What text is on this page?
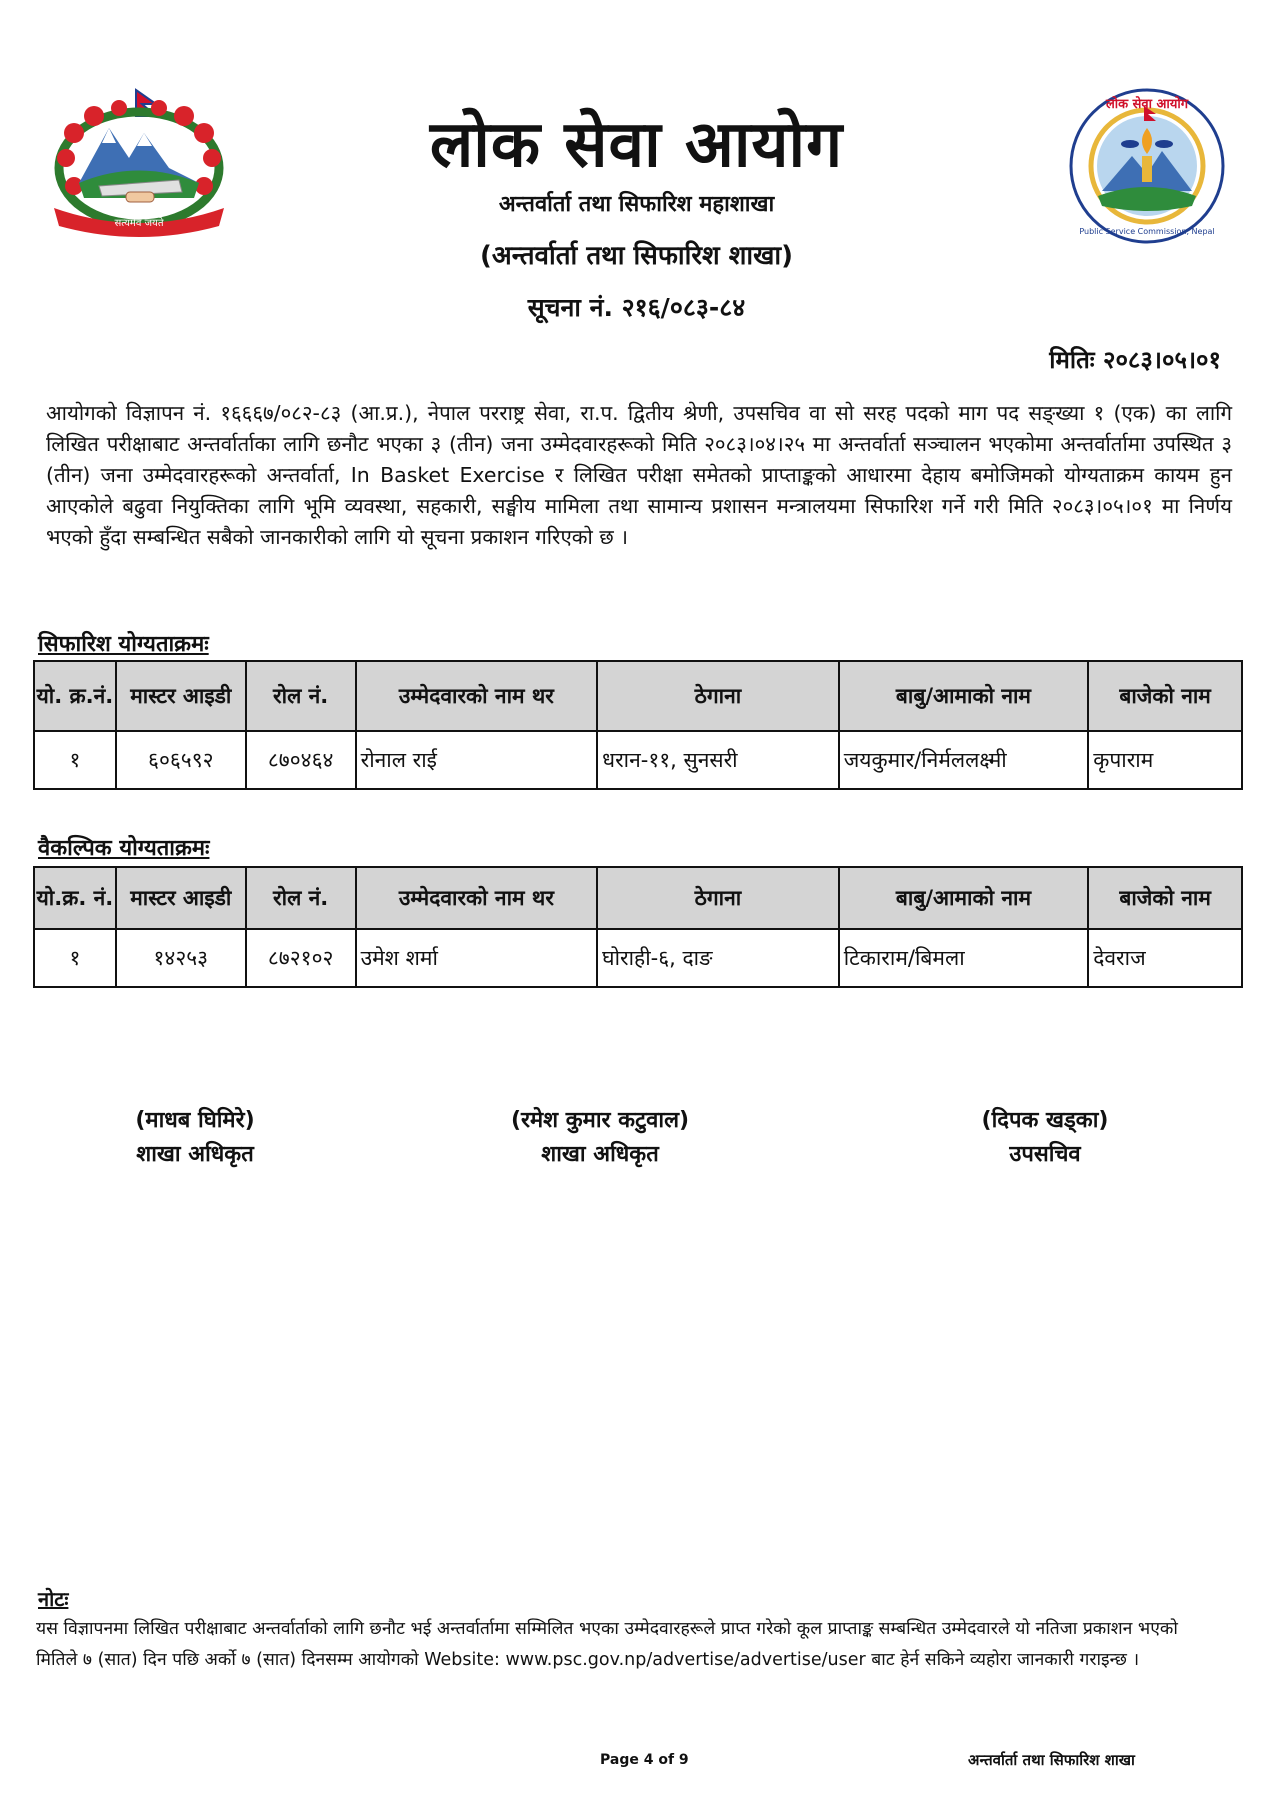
सत्यमेव जयते
लोक सेवा आयोग
Public Service Commission, Nepal
लोक सेवा आयोग
अन्तर्वार्ता तथा सिफारिश महाशाखा
(अन्तर्वार्ता तथा सिफारिश शाखा)
सूचना नं. २१६/०८३-८४
मितिः २०८३।०५।०१
आयोगको विज्ञापन नं. १६६६७/०८२-८३ (आ.प्र.), नेपाल परराष्ट्र सेवा, रा.प. द्वितीय श्रेणी, उपसचिव वा सो सरह पदको माग पद सङ्ख्या १ (एक) का लागि लिखित परीक्षाबाट अन्तर्वार्ताका लागि छनौट भएका ३ (तीन) जना उम्मेदवारहरूको मिति २०८३।०४।२५ मा अन्तर्वार्ता सञ्चालन भएकोमा अन्तर्वार्तामा उपस्थित ३ (तीन) जना उम्मेदवारहरूको अन्तर्वार्ता, In Basket Exercise र लिखित परीक्षा समेतको प्राप्ताङ्कको आधारमा देहाय बमोजिमको योग्यताक्रम कायम हुन आएकोले बढुवा नियुक्तिका लागि भूमि व्यवस्था, सहकारी, सङ्घीय मामिला तथा सामान्य प्रशासन मन्त्रालयमा सिफारिश गर्ने गरी मिति २०८३।०५।०१ मा निर्णय भएको हुँदा सम्बन्धित सबैको जानकारीको लागि यो सूचना प्रकाशन गरिएको छ ।
सिफारिश योग्यताक्रमः
यो. क्र.नं.	मास्टर आइडी	रोल नं.	उम्मेदवारको नाम थर	ठेगाना	बाबु/आमाको नाम	बाजेको नाम
१	६०६५९२	८७०४६४	रोनाल राई	धरान-११, सुनसरी	जयकुमार/निर्मललक्ष्मी	कृपाराम
वैकल्पिक योग्यताक्रमः
यो.क्र. नं.	मास्टर आइडी	रोल नं.	उम्मेदवारको नाम थर	ठेगाना	बाबु/आमाको नाम	बाजेको नाम
१	१४२५३	८७२१०२	उमेश शर्मा	घोराही-६, दाङ	टिकाराम/बिमला	देवराज
(माधब घिमिरे)
शाखा अधिकृत
(रमेश कुमार कटुवाल)
शाखा अधिकृत
(दिपक खड्का)
उपसचिव
नोटः
यस विज्ञापनमा लिखित परीक्षाबाट अन्तर्वार्ताको लागि छनौट भई अन्तर्वार्तामा सम्मिलित भएका उम्मेदवारहरूले प्राप्त गरेको कूल प्राप्ताङ्क सम्बन्धित उम्मेदवारले यो नतिजा प्रकाशन भएको मितिले ७ (सात) दिन पछि अर्को ७ (सात) दिनसम्म आयोगको Website: www.psc.gov.np/advertise/advertise/user बाट हेर्न सकिने व्यहोरा जानकारी गराइन्छ ।
Page 4 of 9	अन्तर्वार्ता तथा सिफारिश शाखा
